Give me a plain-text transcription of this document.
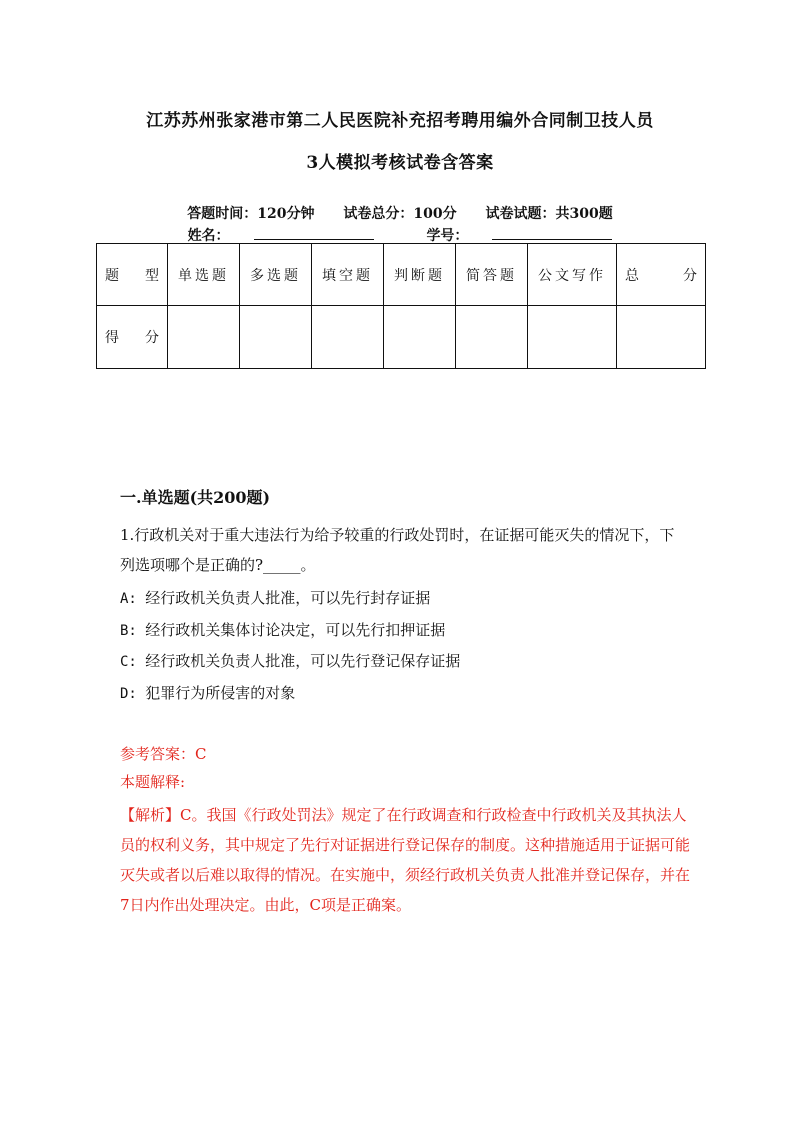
江苏苏州张家港市第二人民医院补充招考聘用编外合同制卫技人员
3人模拟考核试卷含答案
答题时间：120分钟 试卷总分：100分 试卷试题：共300题
姓名：	学号：
题 型	单选题	多选题	填空题	判断题	简答题	公文写作	总 分

得 分							

一.单选题(共200题)
1.行政机关对于重大违法行为给予较重的行政处罚时，在证据可能灭失的情况下，下列选项哪个是正确的?_____。
A: 经行政机关负责人批准，可以先行封存证据
B: 经行政机关集体讨论决定，可以先行扣押证据
C: 经行政机关负责人批准，可以先行登记保存证据
D: 犯罪行为所侵害的对象
参考答案：C
本题解释:
【解析】C。我国《行政处罚法》规定了在行政调查和行政检查中行政机关及其执法人员的权利义务，其中规定了先行对证据进行登记保存的制度。这种措施适用于证据可能灭失或者以后难以取得的情况。在实施中，须经行政机关负责人批准并登记保存，并在7日内作出处理决定。由此，C项是正确案。
